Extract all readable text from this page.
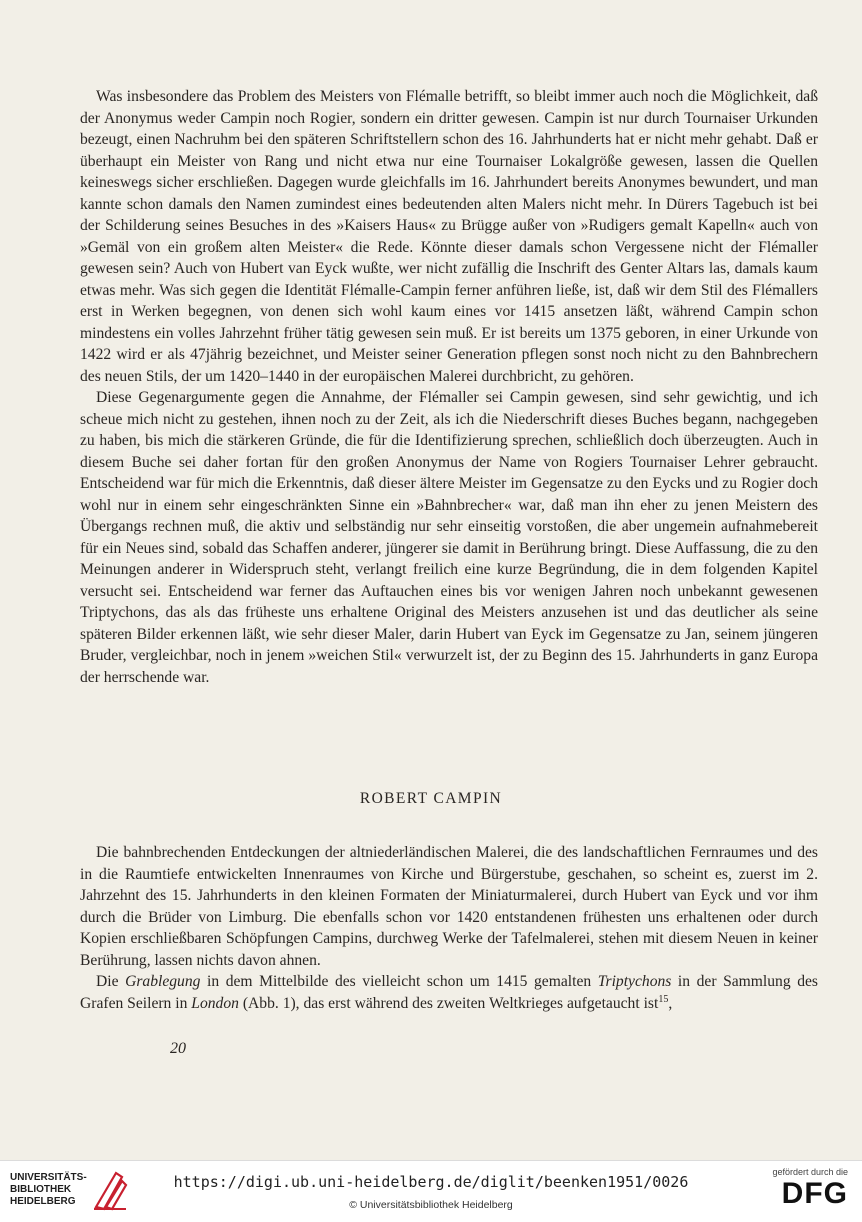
Was insbesondere das Problem des Meisters von Flémalle betrifft, so bleibt immer auch noch die Möglichkeit, daß der Anonymus weder Campin noch Rogier, sondern ein dritter gewesen. Campin ist nur durch Tournaiser Urkunden bezeugt, einen Nachruhm bei den späteren Schriftstellern schon des 16. Jahrhunderts hat er nicht mehr gehabt. Daß er überhaupt ein Meister von Rang und nicht etwa nur eine Tournaiser Lokalgröße gewesen, lassen die Quellen keineswegs sicher erschließen. Dagegen wurde gleichfalls im 16. Jahrhundert bereits Anonymes bewundert, und man kannte schon damals den Namen zumindest eines bedeutenden alten Malers nicht mehr. In Dürers Tagebuch ist bei der Schilderung seines Besuches in des »Kaisers Haus« zu Brügge außer von »Rudigers gemalt Kapelln« auch von »Gemäl von ein großem alten Meister« die Rede. Könnte dieser damals schon Vergessene nicht der Flémaller gewesen sein? Auch von Hubert van Eyck wußte, wer nicht zufällig die Inschrift des Genter Altars las, damals kaum etwas mehr. Was sich gegen die Identität Flémalle-Campin ferner anführen ließe, ist, daß wir dem Stil des Flémallers erst in Werken begegnen, von denen sich wohl kaum eines vor 1415 ansetzen läßt, während Campin schon mindestens ein volles Jahrzehnt früher tätig gewesen sein muß. Er ist bereits um 1375 geboren, in einer Urkunde von 1422 wird er als 47jährig bezeichnet, und Meister seiner Generation pflegen sonst noch nicht zu den Bahnbrechern des neuen Stils, der um 1420–1440 in der europäischen Malerei durchbricht, zu gehören.

Diese Gegenargumente gegen die Annahme, der Flémaller sei Campin gewesen, sind sehr gewichtig, und ich scheue mich nicht zu gestehen, ihnen noch zu der Zeit, als ich die Niederschrift dieses Buches begann, nachgegeben zu haben, bis mich die stärkeren Gründe, die für die Identifizierung sprechen, schließlich doch überzeugten. Auch in diesem Buche sei daher fortan für den großen Anonymus der Name von Rogiers Tournaiser Lehrer gebraucht. Entscheidend war für mich die Erkenntnis, daß dieser ältere Meister im Gegensatze zu den Eycks und zu Rogier doch wohl nur in einem sehr eingeschränkten Sinne ein »Bahnbrecher« war, daß man ihn eher zu jenen Meistern des Übergangs rechnen muß, die aktiv und selbständig nur sehr einseitig vorstoßen, die aber ungemein aufnahmebereit für ein Neues sind, sobald das Schaffen anderer, jüngerer sie damit in Berührung bringt. Diese Auffassung, die zu den Meinungen anderer in Widerspruch steht, verlangt freilich eine kurze Begründung, die in dem folgenden Kapitel versucht sei. Entscheidend war ferner das Auftauchen eines bis vor wenigen Jahren noch unbekannt gewesenen Triptychons, das als das früheste uns erhaltene Original des Meisters anzusehen ist und das deutlicher als seine späteren Bilder erkennen läßt, wie sehr dieser Maler, darin Hubert van Eyck im Gegensatze zu Jan, seinem jüngeren Bruder, vergleichbar, noch in jenem »weichen Stil« verwurzelt ist, der zu Beginn des 15. Jahrhunderts in ganz Europa der herrschende war.

ROBERT CAMPIN

Die bahnbrechenden Entdeckungen der altniederländischen Malerei, die des landschaftlichen Fernraumes und des in die Raumtiefe entwickelten Innenraumes von Kirche und Bürgerstube, geschahen, so scheint es, zuerst im 2. Jahrzehnt des 15. Jahrhunderts in den kleinen Formaten der Miniaturmalerei, durch Hubert van Eyck und vor ihm durch die Brüder von Limburg. Die ebenfalls schon vor 1420 entstandenen frühesten uns erhaltenen oder durch Kopien erschließbaren Schöpfungen Campins, durchweg Werke der Tafelmalerei, stehen mit diesem Neuen in keiner Berührung, lassen nichts davon ahnen.

Die Grablegung in dem Mittelbilde des vielleicht schon um 1415 gemalten Triptychons in der Sammlung des Grafen Seilern in London (Abb. 1), das erst während des zweiten Weltkrieges aufgetaucht ist$^{15}$,

20
UNIVERSITÄTS-
BIBLIOTHEK
HEIDELBERG
https://digi.ub.uni-heidelberg.de/diglit/beenken1951/0026
© Universitätsbibliothek Heidelberg
gefördert durch die
DFG
